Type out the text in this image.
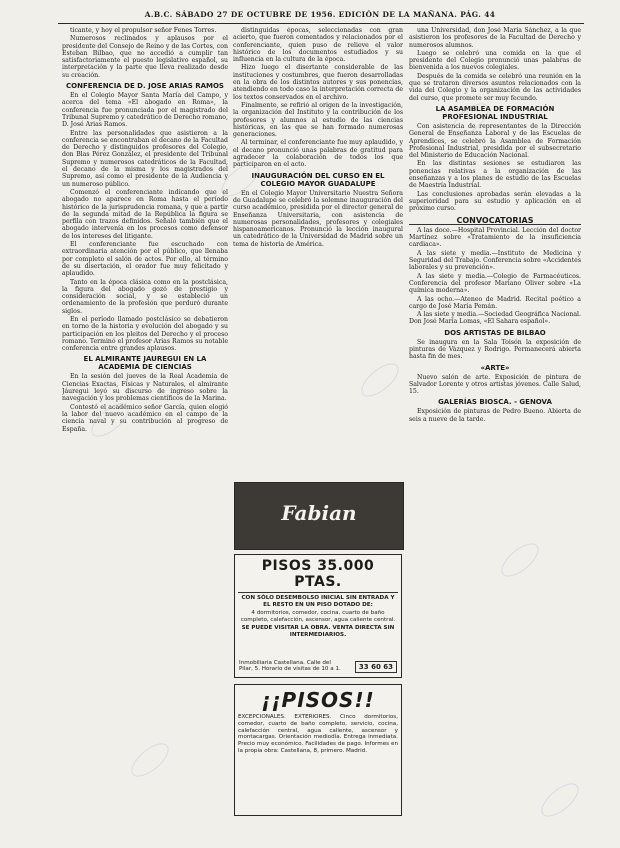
A.B.C. SÁBADO 27 DE OCTUBRE DE 1956. EDICIÓN DE LA MAÑANA. PÁG. 44

ticante, y hoy el propulsor señor Fenes Torres.

Numerosos reclinados y aplausos por el presidente del Consejo de Reino y de las Cortes, con Esteban Bilbao, que no accedió a cumplir tan satisfactoriamente el puesto legislativo español, su interpretación y la parte que lleva realizado desde su creación.

CONFERENCIA DE D. JOSE ARIAS RAMOS

En el Colegio Mayor Santa María del Campo, y acerca del tema «El abogado en Roma», la conferencia fue pronunciada por el magistrado del Tribunal Supremo y catedrático de Derecho romano, D. José Arias Ramos.

Entre las personalidades que asistieron a la conferencia se encontraban el decano de la Facultad de Derecho y distinguidos profesores del Colegio, don Blas Pérez González, el presidente del Tribunal Supremo y numerosos catedráticos de la Facultad, el decano de la misma y los magistrados del Supremo, así como el presidente de la Audiencia y un numeroso público.

Comenzó el conferenciante indicando que el abogado no aparece en Roma hasta el período histórico de la jurisprudencia romana, y que a partir de la segunda mitad de la República la figura se perfila con trazos definidos. Señaló también que el abogado intervenía en los procesos como defensor de los intereses del litigante.

El conferenciante fue escuchado con extraordinaria atención por el público, que llenaba por completo el salón de actos. Por ello, al término de su disertación, el orador fue muy felicitado y aplaudido.

Tanto en la época clásica como en la postclásica, la figura del abogado gozó de prestigio y consideración social, y se estableció un ordenamiento de la profesión que perduró durante siglos.

En el período llamado postclásico se debatieron en torno de la historia y evolución del abogado y su participación en los pleitos del Derecho y el proceso romano. Terminó el profesor Arias Ramos su notable conferencia entre grandes aplausos.

EL ALMIRANTE JAUREGUI EN LA ACADEMIA DE CIENCIAS

En la sesión del jueves de la Real Academia de Ciencias Exactas, Físicas y Naturales, el almirante Jáuregui leyó su discurso de ingreso sobre la navegación y los problemas científicos de la Marina.

Contestó el académico señor García, quien elogió la labor del nuevo académico en el campo de la ciencia naval y su contribución al progreso de España.

distinguidas épocas, seleccionadas con gran acierto, que fueron comentados y relacionados por el conferenciante, quien puso de relieve el valor histórico de los documentos estudiados y su influencia en la cultura de la época.

Hizo luego el disertante considerable de las instituciones y costumbres, que fueron desarrolladas en la obra de los distintos autores y sus ponencias, atendiendo en todo caso la interpretación correcta de los textos conservados en el archivo.

Finalmente, se refirió al origen de la investigación, la organización del Instituto y la contribución de los profesores y alumnos al estudio de las ciencias históricas, en las que se han formado numerosas generaciones.

Al terminar, el conferenciante fue muy aplaudido, y el decano pronunció unas palabras de gratitud para agradecer la colaboración de todos los que participaron en el acto.

INAUGURACIÓN DEL CURSO EN EL COLEGIO MAYOR GUADALUPE

En el Colegio Mayor Universitario Nuestra Señora de Guadalupe se celebró la solemne inauguración del curso académico, presidida por el director general de Enseñanza Universitaria, con asistencia de numerosas personalidades, profesores y colegiales hispanoamericanos. Pronunció la lección inaugural un catedrático de la Universidad de Madrid sobre un tema de historia de América.

Fabian
PISOS 35.000 PTAS.
CON SÓLO DESEMBOLSO INICIAL SIN ENTRADA Y EL RESTO EN UN PISO DOTADO DE:
4 dormitorios, comedor, cocina, cuarto de baño completo, calefacción, ascensor, agua caliente central.
SE PUEDE VISITAR LA OBRA. VENTA DIRECTA SIN INTERMEDIARIOS.
Inmobiliaria Castellana. Calle del Pilar, 5. Horario de visitas de 10 a 1.	33 60 63
¡¡PISOS!!
EXCEPCIONALES. EXTERIORES. Cinco dormitorios, comedor, cuarto de baño completo, servicio, cocina, calefacción central, agua caliente, ascensor y montacargas. Orientación mediodía. Entrega inmediata. Precio muy económico. Facilidades de pago. Informes en la propia obra: Castellana, 8, primero. Madrid.

una Universidad, don José María Sánchez, a la que asistieron los profesores de la Facultad de Derecho y numerosos alumnos.

Luego se celebró una comida en la que el presidente del Colegio pronunció unas palabras de bienvenida a los nuevos colegiales.

Después de la comida se celebró una reunión en la que se trataron diversos asuntos relacionados con la vida del Colegio y la organización de las actividades del curso, que promete ser muy fecundo.

LA ASAMBLEA DE FORMACIÓN PROFESIONAL INDUSTRIAL

Con asistencia de representantes de la Dirección General de Enseñanza Laboral y de las Escuelas de Aprendices, se celebró la Asamblea de Formación Profesional Industrial, presidida por el subsecretario del Ministerio de Educación Nacional.

En las distintas sesiones se estudiaron las ponencias relativas a la organización de las enseñanzas y a los planes de estudio de las Escuelas de Maestría Industrial.

Las conclusiones aprobadas serán elevadas a la superioridad para su estudio y aplicación en el próximo curso.

CONVOCATORIAS

A las doce.—Hospital Provincial. Lección del doctor Martínez sobre «Tratamiento de la insuficiencia cardiaca».

A las siete y media.—Instituto de Medicina y Seguridad del Trabajo. Conferencia sobre «Accidentes laborales y su prevención».

A las siete y media.—Colegio de Farmacéuticos. Conferencia del profesor Mariano Oliver sobre «La química moderna».

A las ocho.—Ateneo de Madrid. Recital poético a cargo de José María Pemán.

A las siete y media.—Sociedad Geográfica Nacional. Don José María Lomas, «El Sahara español».

DOS ARTISTAS DE BILBAO

Se inaugura en la Sala Toisón la exposición de pinturas de Vázquez y Rodrigo. Permanecerá abierta hasta fin de mes.

«ARTE»

Nuevo salón de arte. Exposición de pintura de Salvador Lorente y otros artistas jóvenes. Calle Salud, 15.

GALERÍAS BIOSCA. - GENOVA

Exposición de pinturas de Pedro Bueno. Abierta de seis a nueve de la tarde.
